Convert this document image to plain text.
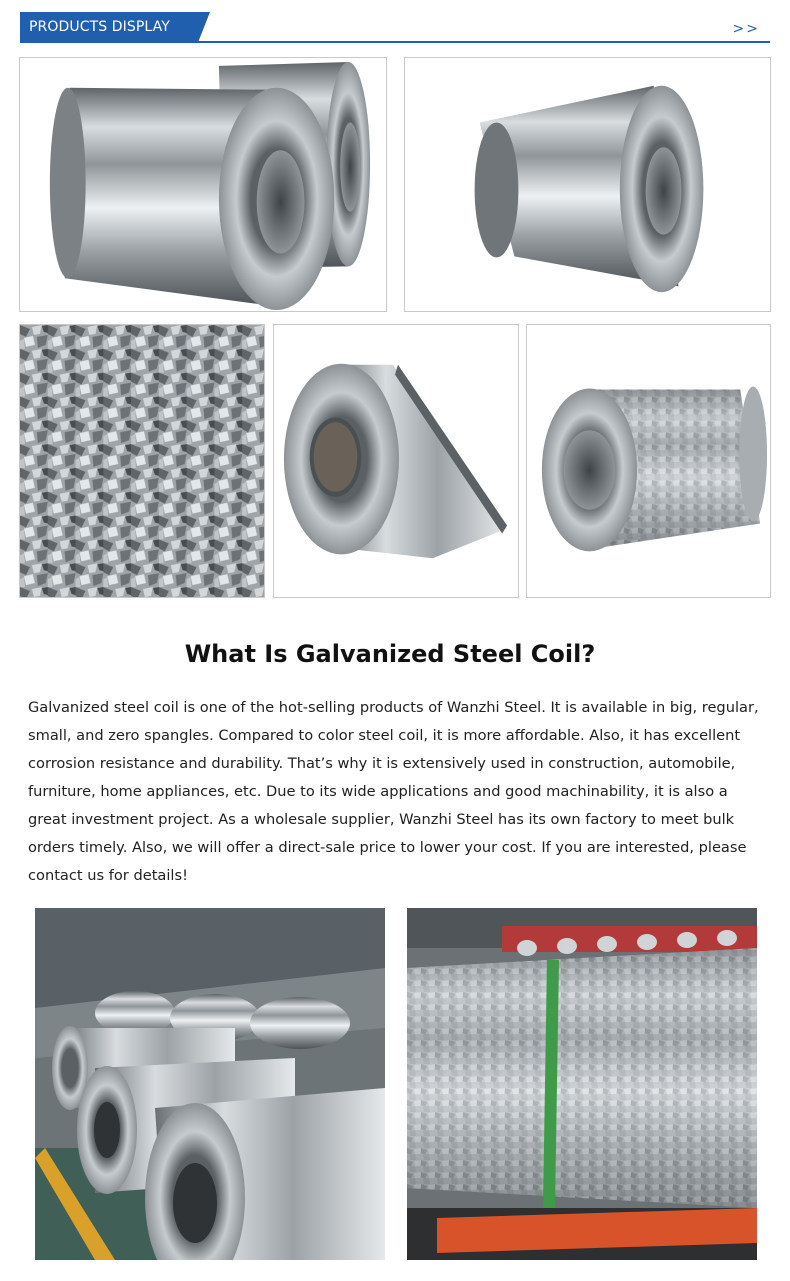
PRODUCTS DISPLAY	>>
What Is Galvanized Steel Coil?
Galvanized steel coil is one of the hot-selling products of Wanzhi Steel. It is available in big, regular, small, and zero spangles. Compared to color steel coil, it is more affordable. Also, it has excellent corrosion resistance and durability. That’s why it is extensively used in construction, automobile, furniture, home appliances, etc. Due to its wide applications and good machinability, it is also a great investment project. As a wholesale supplier, Wanzhi Steel has its own factory to meet bulk orders timely. Also, we will offer a direct-sale price to lower your cost. If you are interested, please contact us for details!
